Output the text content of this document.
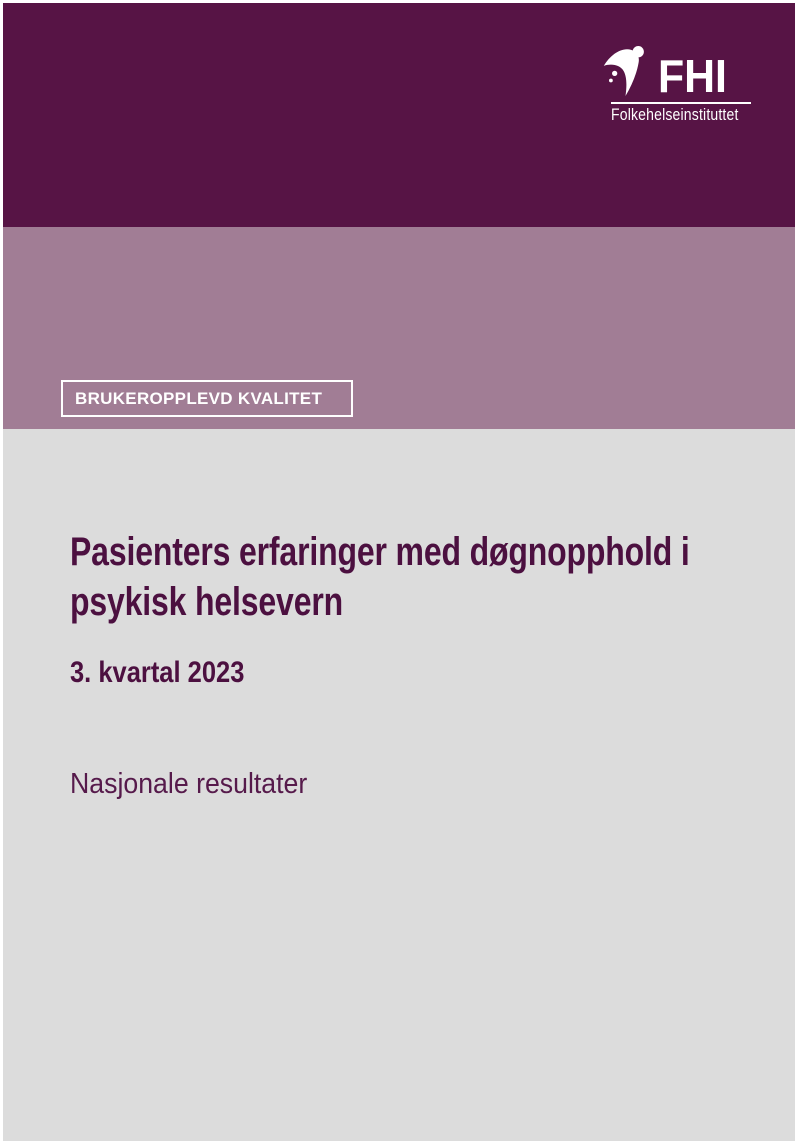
FHI
Folkehelseinstituttet
BRUKEROPPLEVD KVALITET
Pasienters erfaringer med døgnopphold i
psykisk helsevern
3. kvartal 2023
Nasjonale resultater
